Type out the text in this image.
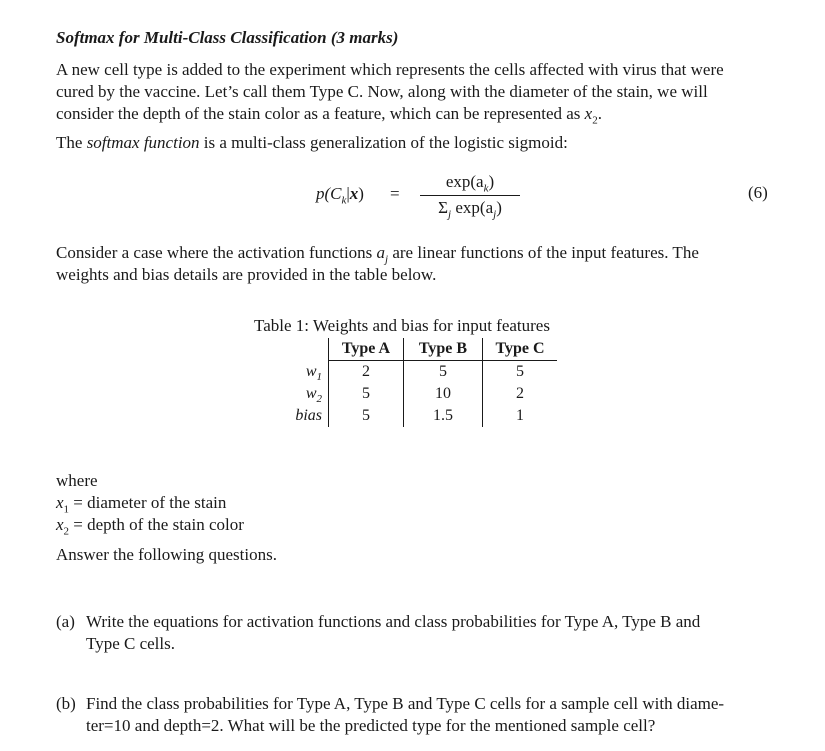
Softmax for Multi-Class Classification (3 marks)
A new cell type is added to the experiment which represents the cells affected with virus that were
cured by the vaccine. Let’s call them Type C. Now, along with the diameter of the stain, we will
consider the depth of the stain color as a feature, which can be represented as $x_2$.
The softmax function is a multi-class generalization of the logistic sigmoid:
$p(C_k|x)$ =
$\exp(a_k)$
$\Sigma_j$ $\exp(a_j)$
(6)
Consider a case where the activation functions $a_j$ are linear functions of the input features. The
weights and bias details are provided in the table below.
Table 1: Weights and bias for input features
	Type A	Type B	Type C
$w_1$	2	5	5
$w_2$	5	10	2
bias	5	1.5	1
where
$x_1$ = diameter of the stain
$x_2$ = depth of the stain color
Answer the following questions.
(a) Write the equations for activation functions and class probabilities for Type A, Type B and
Type C cells.
(b) Find the class probabilities for Type A, Type B and Type C cells for a sample cell with diame-
ter=10 and depth=2. What will be the predicted type for the mentioned sample cell?
